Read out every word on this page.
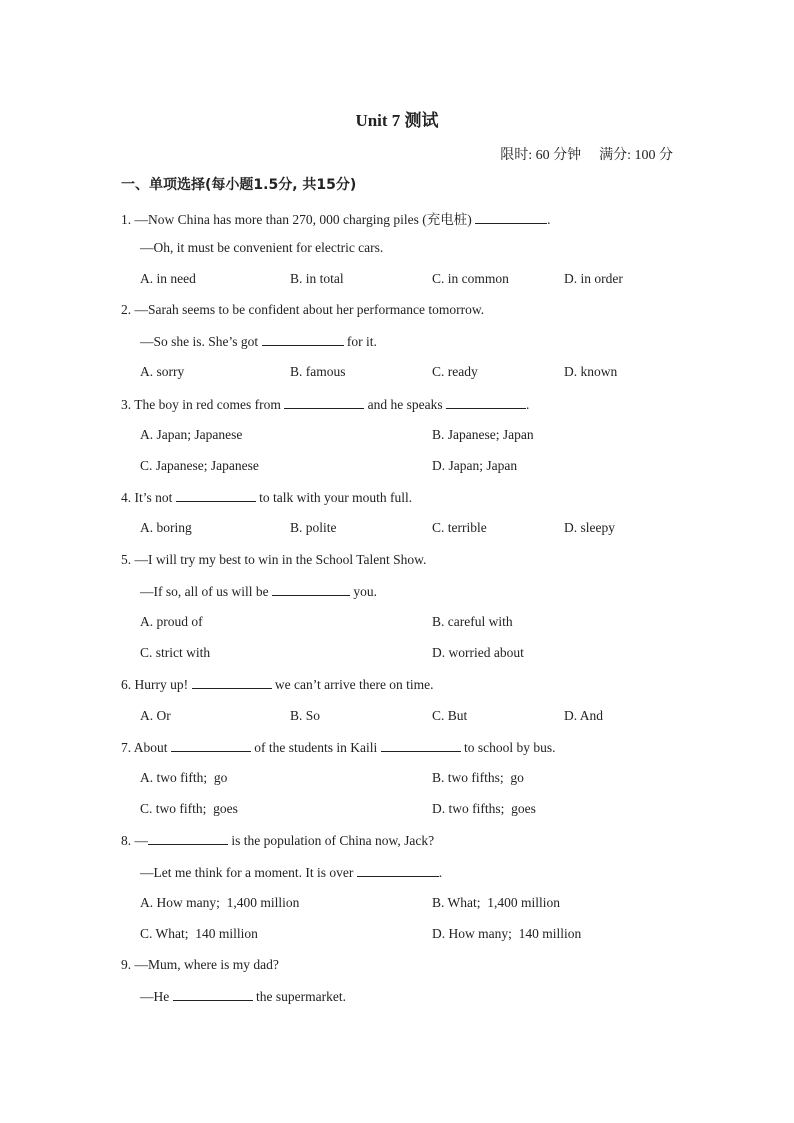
Unit 7 测试
限时: 60 分钟 满分: 100 分
一、单项选择(每小题1.5分, 共15分)
1. —Now China has more than 270, 000 charging piles (充电桩)	.
—Oh, it must be convenient for electric cars.
A. in need	B. in total	C. in common	D. in order
2. —Sarah seems to be confident about her performance tomorrow.
—So she is. She’s got	for it.
A. sorry	B. famous	C. ready	D. known
3. The boy in red comes from	and he speaks	.
A. Japan; Japanese	B. Japanese; Japan
C. Japanese; Japanese	D. Japan; Japan
4. It’s not	to talk with your mouth full.
A. boring	B. polite	C. terrible	D. sleepy
5. —I will try my best to win in the School Talent Show.
—If so, all of us will be	you.
A. proud of	B. careful with
C. strict with	D. worried about
6. Hurry up!	we can’t arrive there on time.
A. Or	B. So	C. But	D. And
7. About	of the students in Kaili	to school by bus.
A. two fifth;  go	B. two fifths;  go
C. two fifth;  goes	D. two fifths;  goes
8. —	is the population of China now, Jack?
—Let me think for a moment. It is over	.
A. How many;  1,400 million	B. What;  1,400 million
C. What;  140 million	D. How many;  140 million
9. —Mum, where is my dad?
—He	the supermarket.
